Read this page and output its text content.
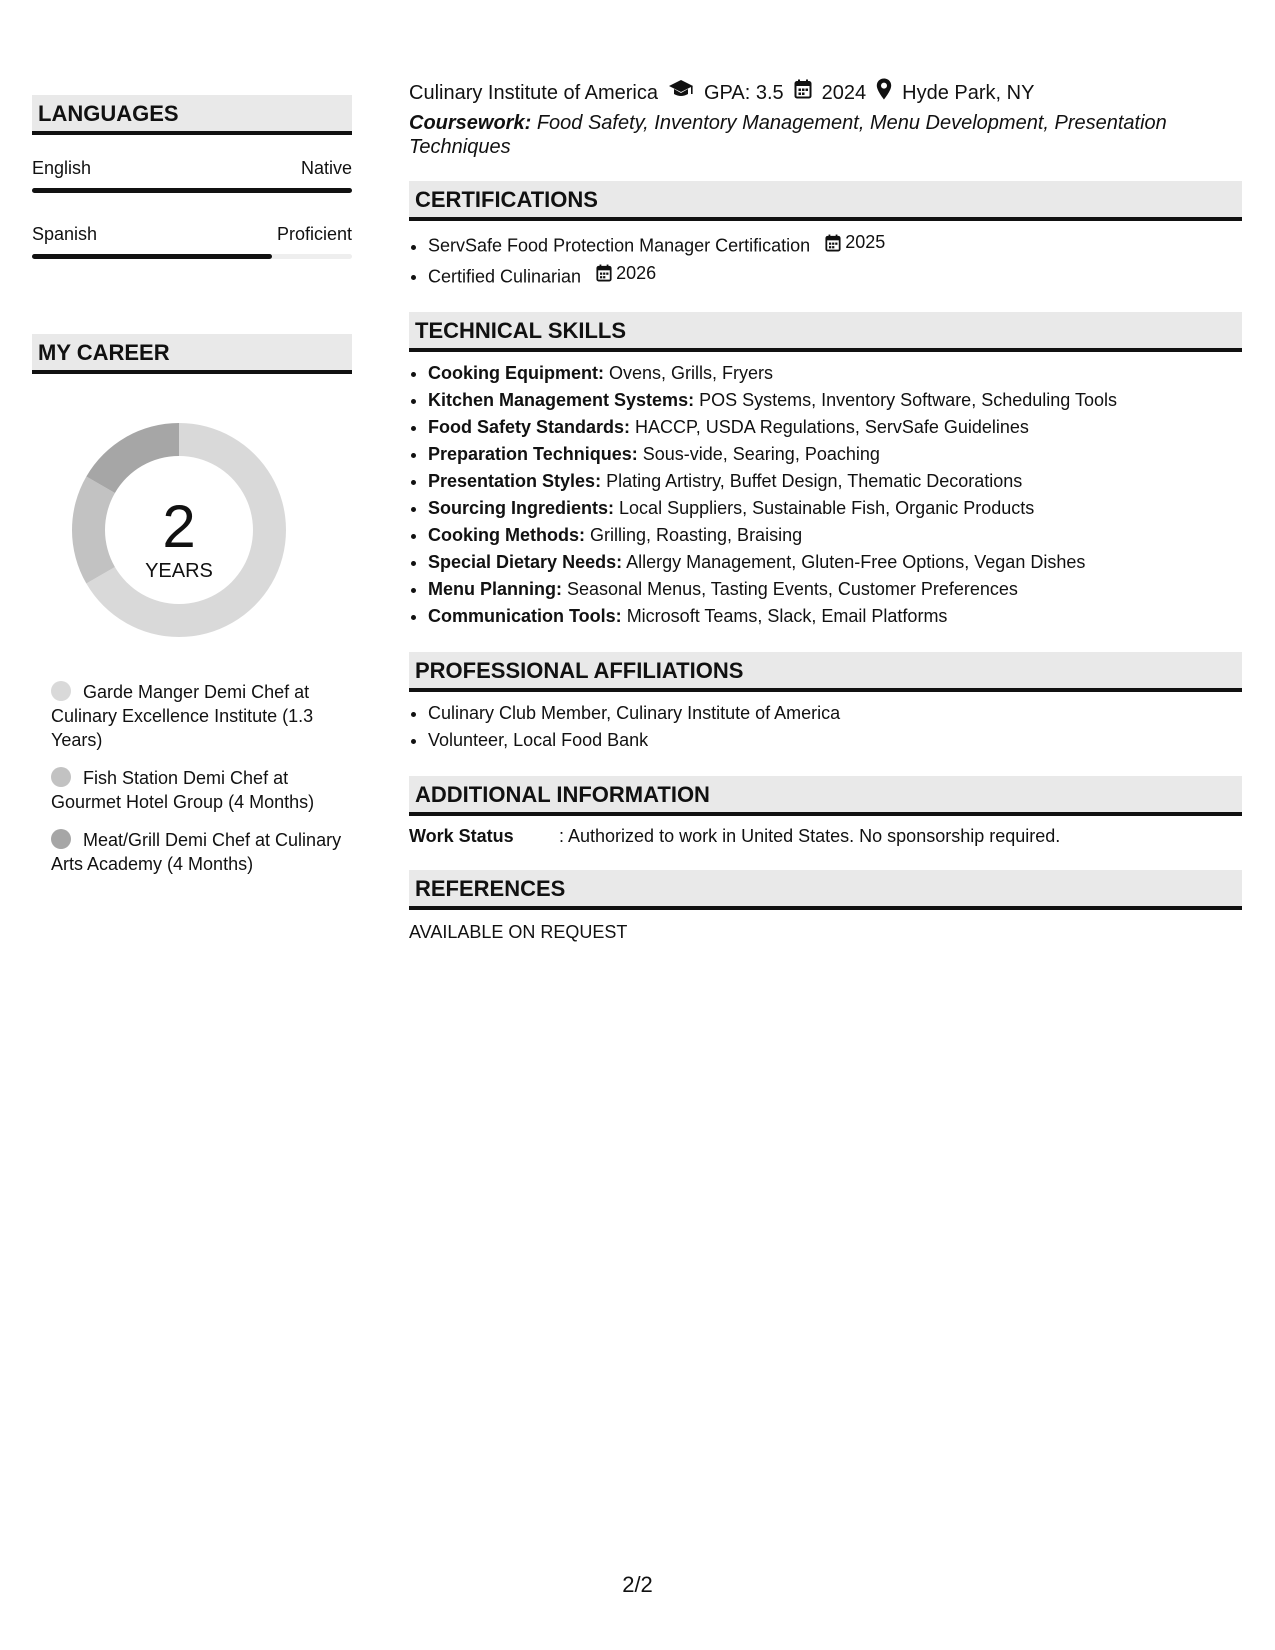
LANGUAGES
English	Native
Spanish	Proficient
MY CAREER
2
YEARS
Garde Manger Demi Chef at Culinary Excellence Institute (1.3 Years)
Fish Station Demi Chef at Gourmet Hotel Group (4 Months)
Meat/Grill Demi Chef at Culinary Arts Academy (4 Months)
Culinary Institute of America GPA: 3.5 2024 Hyde Park, NY
Coursework: Food Safety, Inventory Management, Menu Development, Presentation Techniques
CERTIFICATIONS
• ServSafe Food Protection Manager Certification 2025
• Certified Culinarian 2026
TECHNICAL SKILLS
• Cooking Equipment: Ovens, Grills, Fryers
• Kitchen Management Systems: POS Systems, Inventory Software, Scheduling Tools
• Food Safety Standards: HACCP, USDA Regulations, ServSafe Guidelines
• Preparation Techniques: Sous-vide, Searing, Poaching
• Presentation Styles: Plating Artistry, Buffet Design, Thematic Decorations
• Sourcing Ingredients: Local Suppliers, Sustainable Fish, Organic Products
• Cooking Methods: Grilling, Roasting, Braising
• Special Dietary Needs: Allergy Management, Gluten-Free Options, Vegan Dishes
• Menu Planning: Seasonal Menus, Tasting Events, Customer Preferences
• Communication Tools: Microsoft Teams, Slack, Email Platforms
PROFESSIONAL AFFILIATIONS
• Culinary Club Member, Culinary Institute of America
• Volunteer, Local Food Bank
ADDITIONAL INFORMATION
Work Status	: Authorized to work in United States. No sponsorship required.
REFERENCES
AVAILABLE ON REQUEST
2/2
